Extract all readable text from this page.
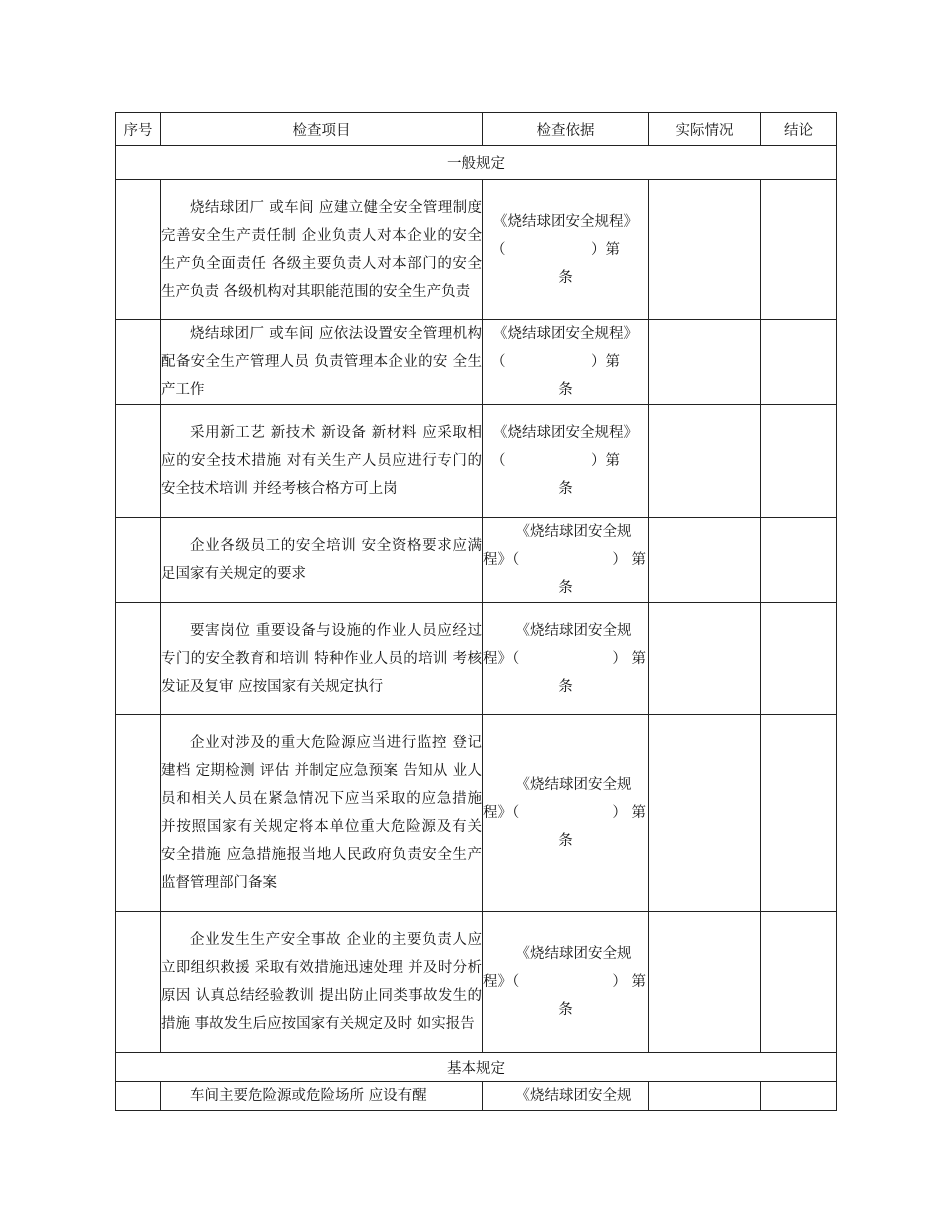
序号	检查项目	检查依据	实际情况	结论
一般规定				

	烧结球团厂 或车间 应建立健全安全管理制度 完善安全生产责任制 企业负责人对本企业的安全生产负全面责任 各级主要负责人对本部门的安全生产负责 各级机构对其职能范围的安全生产负责	《烧结球团安全规程》
（ ）第
条		

	烧结球团厂 或车间 应依法设置安全管理机构 配备安全生产管理人员 负责管理本企业的安 全生产工作	《烧结球团安全规程》
（ ）第
条		

	采用新工艺 新技术 新设备 新材料 应采取相应的安全技术措施 对有关生产人员应进行专门的安全技术培训 并经考核合格方可上岗	《烧结球团安全规程》
（ ）第
条		

	企业各级员工的安全培训 安全资格要求应满足国家有关规定的要求	《烧结球团安全规
程》（ ） 第
条		

	要害岗位 重要设备与设施的作业人员应经过专门的安全教育和培训 特种作业人员的培训 考核 发证及复审 应按国家有关规定执行	《烧结球团安全规
程》（ ） 第
条		

	企业对涉及的重大危险源应当进行监控 登记建档 定期检测 评估 并制定应急预案 告知从 业人员和相关人员在紧急情况下应当采取的应急措施 并按照国家有关规定将本单位重大危险源及有关 安全措施 应急措施报当地人民政府负责安全生产监督管理部门备案	《烧结球团安全规
程》（ ） 第
条		

	企业发生生产安全事故 企业的主要负责人应立即组织救援 采取有效措施迅速处理 并及时分析原因 认真总结经验教训 提出防止同类事故发生的措施 事故发生后应按国家有关规定及时 如实报告	《烧结球团安全规
程》（ ） 第
条		

基本规定				

	车间主要危险源或危险场所 应设有醒	《烧结球团安全规		
